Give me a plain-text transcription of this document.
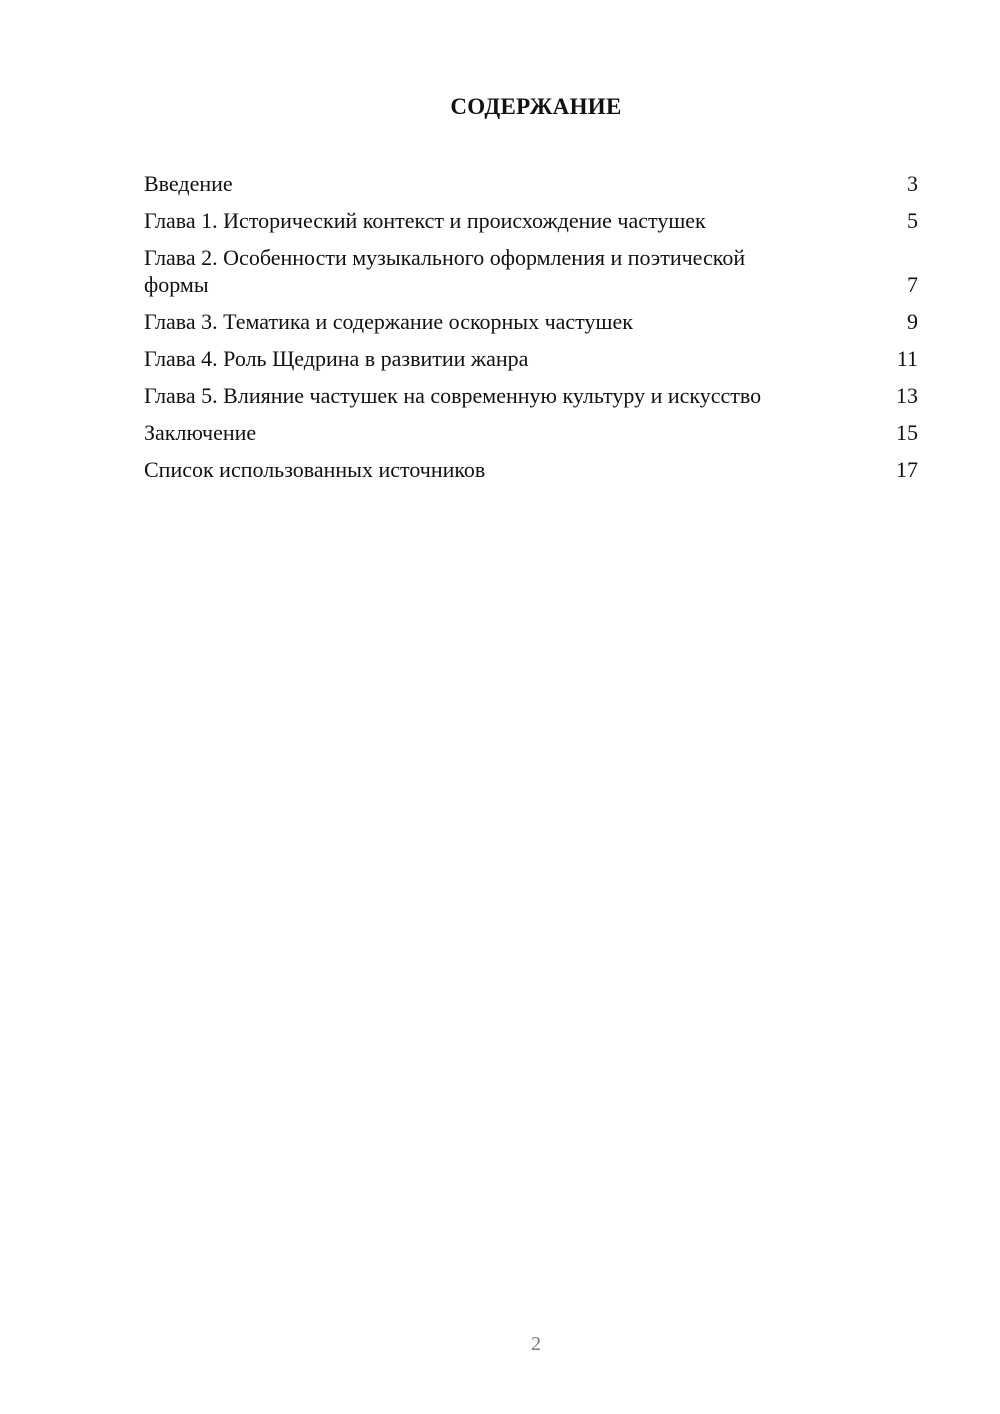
СОДЕРЖАНИЕ
Введение	3
Глава 1. Исторический контекст и происхождение частушек	5
Глава 2. Особенности музыкального оформления и поэтической формы	7
Глава 3. Тематика и содержание оскорных частушек	9
Глава 4. Роль Щедрина в развитии жанра	11
Глава 5. Влияние частушек на современную культуру и искусство	13
Заключение	15
Список использованных источников	17
2
